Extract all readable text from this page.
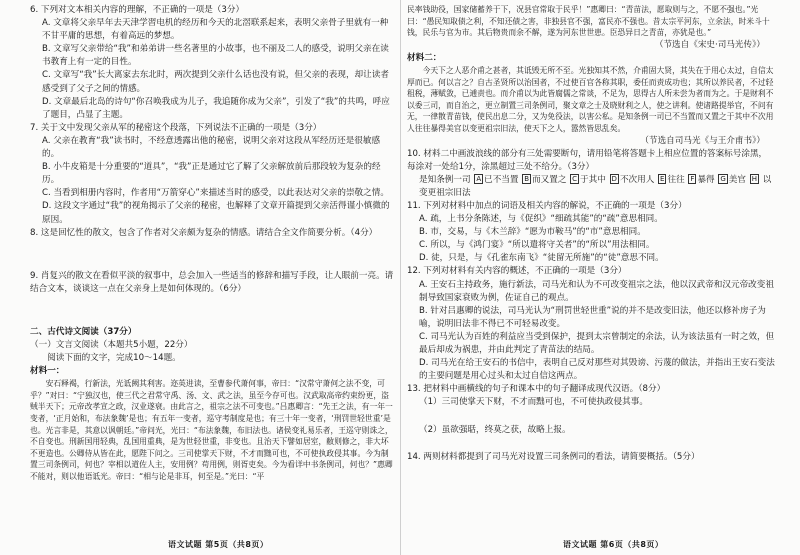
6. 下列对文本相关内容的理解，不正确的一项是（3分）

A. 文章将父亲早年去天津学習电机的经历和今天的北滘联系起来，表明父亲骨子里就有一种不甘平庸的思想，有着高远的梦想。

B. 文章写父亲带给“我”和弟弟讲一些名著里的小故事，也不丽及二人的感受，说明父亲在读书教育上有一定的目性。

C. 文章写“我”长大离家去东北时，两次提到父亲什么话也没有说，但父亲的表现，却让读者感受到了父子之间的情感。

D. 文章最后北岛的诗句“你召唤我成为儿子，我追随你成为父亲”，引发了“我”的共鸣，呼应了题目，凸显了主题。

7. 关于文中发现父亲从军的秘密这个段落，下列说法不正确的一项是（3分）

A. 父亲在教育“我”读书时，不经意透露出他的秘密，说明父亲对这段从军经历还是很敏感的。

B. 小牛皮箱是十分重要的“道具”，“我”正是通过它了解了父亲解放前后那段较为复杂的经历。

C. 当看到相册内容时，作者用“万箭穿心”来描述当时的感受，以此表达对父亲的崇敬之情。

D. 这段文字通过“我”的视角揭示了父亲的秘密，也解释了文章开篇提到父亲活得谨小慎微的原因。

8. 这是回忆性的散文，包含了作者对父亲颇为复杂的情感。请结合全文作简要分析。（4分）

9. 肖复兴的散文在看似平淡的叙事中，总会加入一些适当的修辞和描写手段，让人眼前一亮。请结合文本，谈谈这一点在父亲身上是如何体现的。（6分）

二、古代诗文阅读（37分）

（一）文言文阅读（本题共5小题，22分）

阅读下面的文字，完成10～14题。

材料一：

安石释褐，行新法，光诋阙其利害。迩英进读，至曹参代萧何事，帝曰：“汉常守萧何之法不变，可乎？”对曰：“宁独汉也，使三代之君常守禹、汤、文、武之法，虽至今存可也。汉武取高帝约束纷更，盗贼半天下；元帝改孝宣之政，汉业遂衰。由此言之，祖宗之法不可变也。”吕惠卿言：“先王之法，有一年一变者，‘正月始和，布法象魏’是也；有五年一变者，巡守考制度是也；有三十年一变者，‘刑罚世轻世重’是也。光言非是，其意以讽朝廷。”帝问光，光曰：“布法象魏，布旧法也。诸侯变礼易乐者，王巡守则诛之，不自变也。刑新国用轻典，乱国用重典，是为世轻世重，非变也。且治天下譬如居室，敝则修之，非大坏不更造也。公卿侍从皆在此，愿陛下问之。三司使掌天下财，不才而黜可也，不可使执政侵其事。今为制置三司条例司，何也？宰相以道佐人主，安用例？苟用例，则胥吏矣。今为看详中书条例司，何也？”惠卿不能对，则以他语诋光。帝曰：“相与论是非耳，何至是。”光曰：“平

民率钱助役，国家储蓄养于下，况县官常取于民乎！”惠卿曰：“青苗法，愿取则与之，不愿不强也。”光曰：“愚民知取债之利，不知还债之害，非独县官不强，富民亦不强也。昔太宗平河东，立余法，时米斗十钱，民乐与官为市。其后物贵而余不解，遂为河东世世患。臣恐异日之青苗，亦犹是也。”

（节选自《宋史·司马光传》）

材料二：

今天下之人恶介甫之甚者，其诋毁无所不至。光独知其不然，介甫固大贤，其失在于用心太过，自信太厚而已。何以言之？自古圣贤所以治国者，不过使百官各称其职，委任而责成功也；其所以养民者，不过轻租税，薄赋敛，已逋责也。而介甫以为此皆腐儒之常谈，不足为，思得古人所未尝为者而为之。于是财利不以委三司，而自治之，更立制置三司条例司，聚文章之士及晓财利之人，使之讲利。使诸路提举官，不问有无，一律散青苗钱，使民出息二分，又为免役法，以害公私。是知条例一司已不当置而又置之于其中不次用人往往暴得美官以变更祖宗旧法，使天下之人，嚣然皆思乱矣。

（节选自司马光《与王介甫书》）

10. 材料二中画波浪线的部分有三处需要断句，请用铅笔将答题卡上相应位置的答案标号涂黑，每涂对一处给1分，涂黑超过三处不给分。（3分）

是知条例一司 A 已不当置 B 而又置之 C 于其中 D 不次用人 E 往往 F 暴得 G 美官 H 以变更祖宗旧法

11. 下列对材料中加点的词语及相关内容的解说，不正确的一项是（3分）

A. 疏，上书分条陈述，与《促织》“细疏其能”的“疏”意思相同。

B. 市，交易，与《木兰辞》“愿为市鞍马”的“市”意思相同。

C. 所以，与《鸿门宴》“所以遣将守关者”的“所以”用法相同。

D. 徒，只是，与《孔雀东南飞》“徒留无所施”的“徒”意思不同。

12. 下列对材料有关内容的概述，不正确的一项是（3分）

A. 王安石主持政务，施行新法，司马光和认为不可改变祖宗之法，他以汉武帝和汉元帝改变祖制导致国家衰败为例，佐证自己的观点。

B. 针对吕惠卿的说法，司马光认为“刑罚世轻世重”说的并不是改变旧法，他还以修补房子为喻，说明旧法非不得已不可轻易改变。

C. 司马光认为百姓的利益应当受到保护，提到太宗曾制定的余法，认为该法虽有一时之效，但最后却成为祸患，并由此判定了青苗法的结局。

D. 司马光在给王安石的书信中，表明自己反对那些对其毁谤、污蔑的做法，并指出王安石变法的主要问题是用心过头和太过自信这两点。

13. 把材料中画横线的句子和课本中的句子翻译成现代汉语。（8分）

（1）三司使掌天下财，不才而黜可也，不可使执政侵其事。

（2）虽欲强聒，终莫之获，故略上报。

14. 两则材料都提到了司马光对设置三司条例司的看法，请简要概括。（5分）

语文试题 第5页（共8页）	语文试题 第6页（共8页）
